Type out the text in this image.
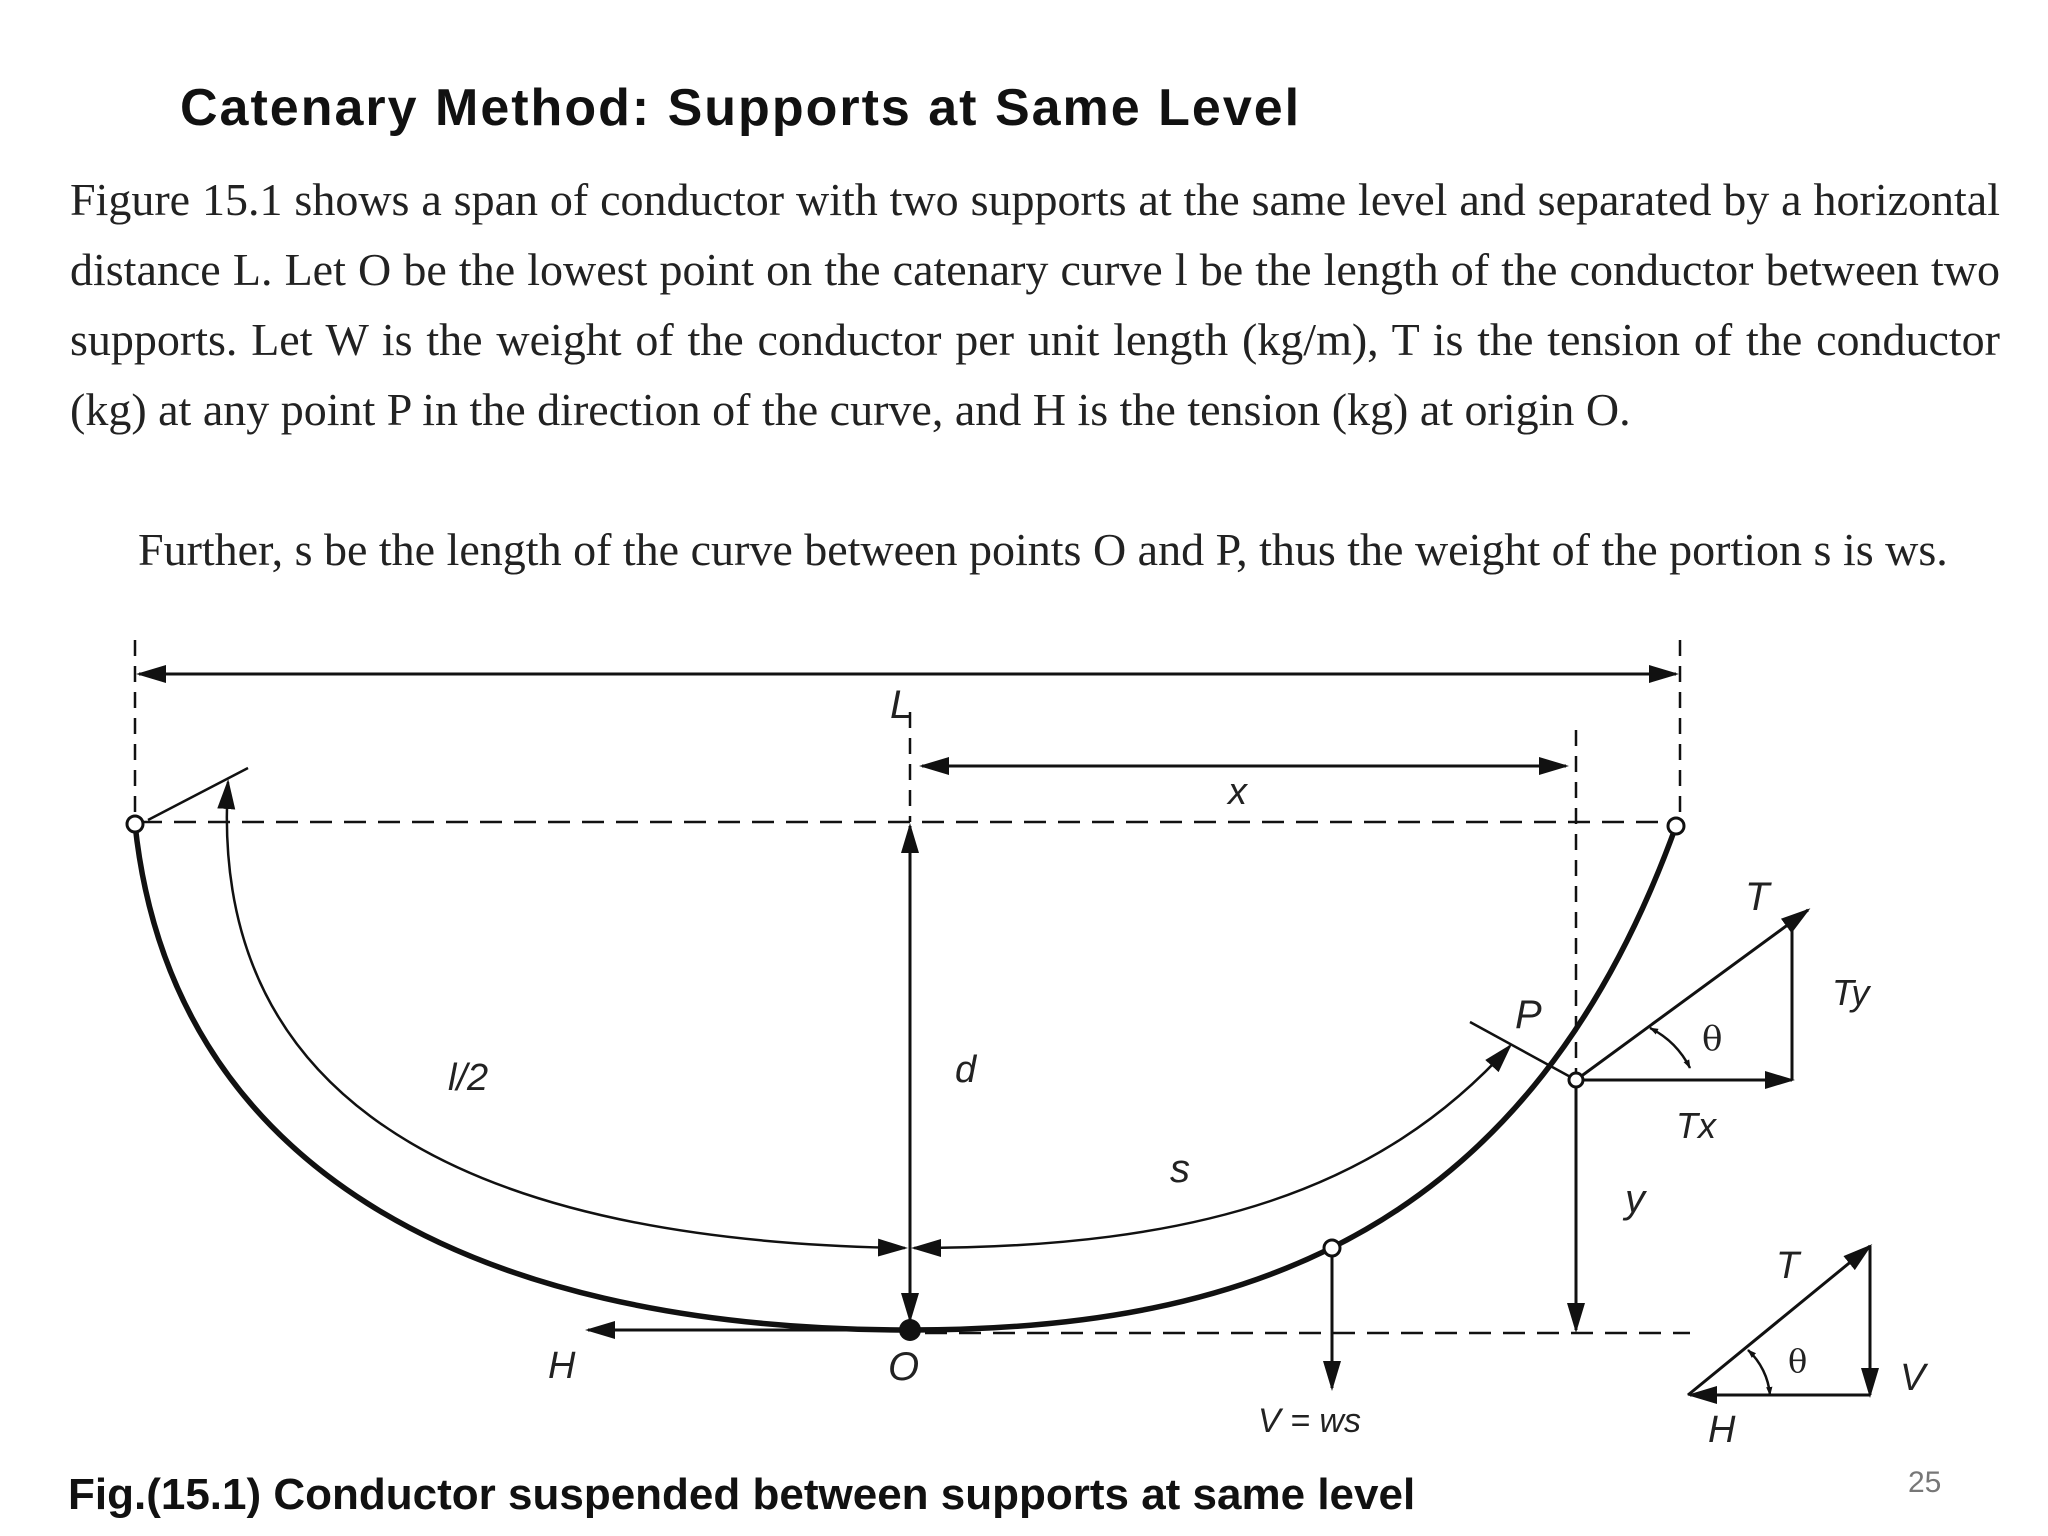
Catenary Method: Supports at Same Level

Figure 15.1 shows a span of conductor with two supports at the same level and separated by a horizontal distance L. Let O be the lowest point on the catenary curve l be the length of the conductor between two supports. Let W is the weight of the conductor per unit length (kg/m), T is the tension of the conductor (kg) at any point P in the direction of the curve, and H is the tension (kg) at origin O.

Further, s be the length of the curve between points O and P, thus the weight of the portion s is ws.

L
x
l/2	d
s
P
T
Ty
θ
Tx
y
H	O
V = ws
T
θ V
H

Fig.(15.1) Conductor suspended between supports at same level	25
